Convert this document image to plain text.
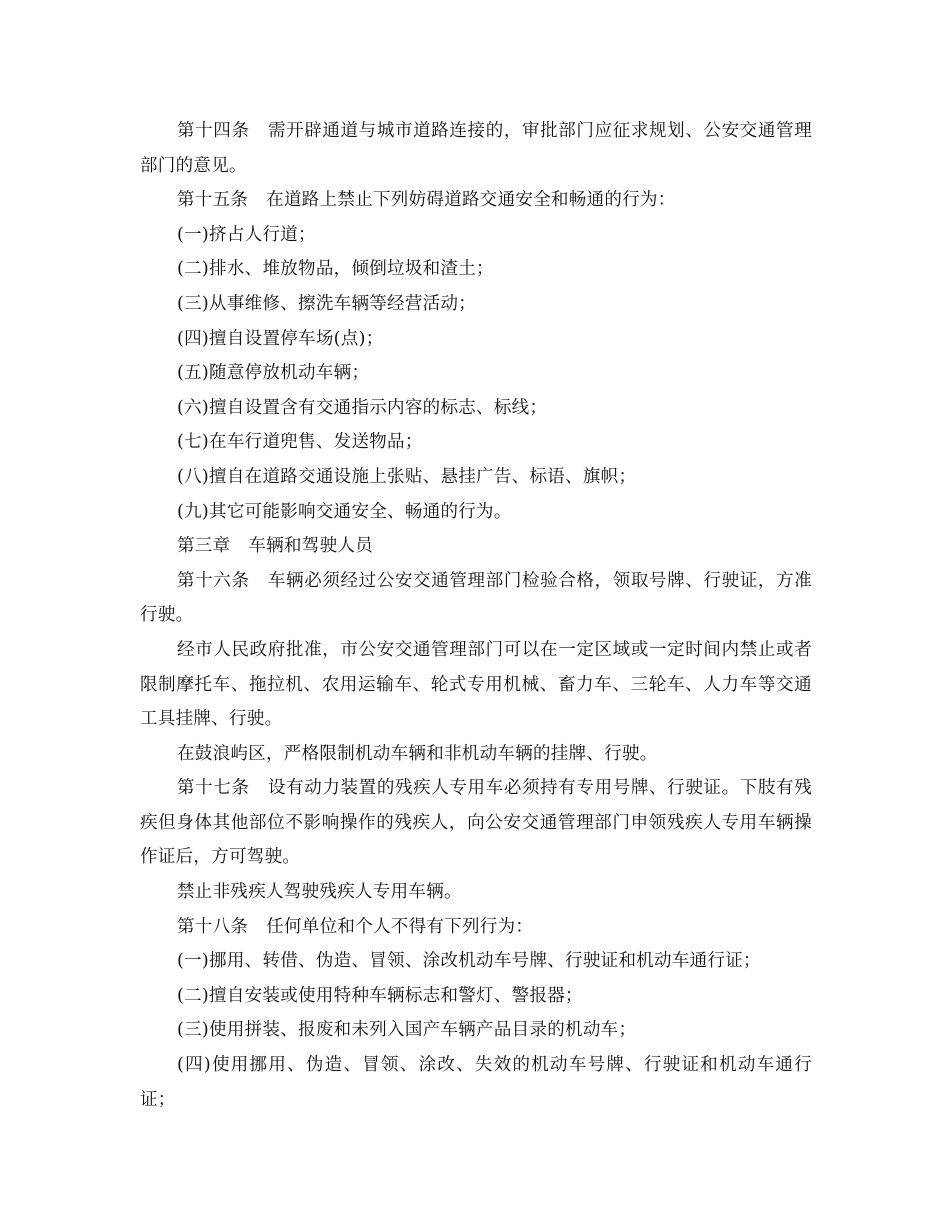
第十四条 需开辟通道与城市道路连接的，审批部门应征求规划、公安交通管理部门的意见。

第十五条 在道路上禁止下列妨碍道路交通安全和畅通的行为：

(一)挤占人行道；

(二)排水、堆放物品，倾倒垃圾和渣土；

(三)从事维修、擦洗车辆等经营活动；

(四)擅自设置停车场(点)；

(五)随意停放机动车辆；

(六)擅自设置含有交通指示内容的标志、标线；

(七)在车行道兜售、发送物品；

(八)擅自在道路交通设施上张贴、悬挂广告、标语、旗帜；

(九)其它可能影响交通安全、畅通的行为。

第三章 车辆和驾驶人员

第十六条 车辆必须经过公安交通管理部门检验合格，领取号牌、行驶证，方准行驶。

经市人民政府批准，市公安交通管理部门可以在一定区域或一定时间内禁止或者限制摩托车、拖拉机、农用运输车、轮式专用机械、畜力车、三轮车、人力车等交通工具挂牌、行驶。

在鼓浪屿区，严格限制机动车辆和非机动车辆的挂牌、行驶。

第十七条 设有动力装置的残疾人专用车必须持有专用号牌、行驶证。下肢有残疾但身体其他部位不影响操作的残疾人，向公安交通管理部门申领残疾人专用车辆操作证后，方可驾驶。

禁止非残疾人驾驶残疾人专用车辆。

第十八条 任何单位和个人不得有下列行为：

(一)挪用、转借、伪造、冒领、涂改机动车号牌、行驶证和机动车通行证；

(二)擅自安装或使用特种车辆标志和警灯、警报器；

(三)使用拼装、报废和未列入国产车辆产品目录的机动车；

(四)使用挪用、伪造、冒领、涂改、失效的机动车号牌、行驶证和机动车通行证；
